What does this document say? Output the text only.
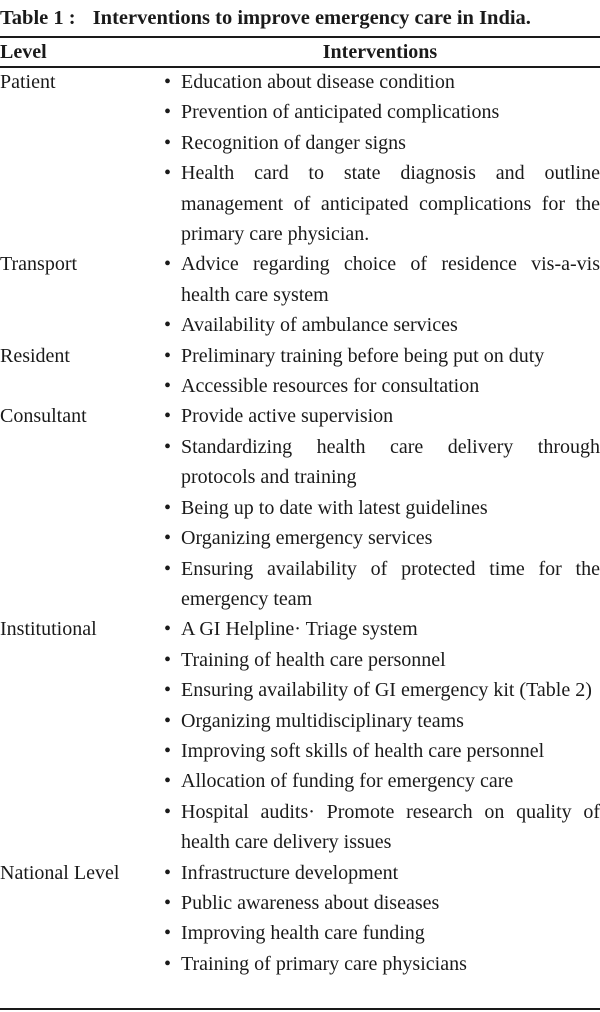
Table 1 : Interventions to improve emergency care in India.
Level	Interventions
Patient	• Education about disease condition
• Prevention of anticipated complications
• Recognition of danger signs
• Health card to state diagnosis and outline management of anticipated complications for the primary care physician.
Transport	• Advice regarding choice of residence vis-a-vis health care system
• Availability of ambulance services
Resident	• Preliminary training before being put on duty
• Accessible resources for consultation
Consultant	• Provide active supervision
• Standardizing health care delivery through protocols and training
• Being up to date with latest guidelines
• Organizing emergency services
• Ensuring availability of protected time for the emergency team
Institutional	• A GI Helpline· Triage system
• Training of health care personnel
• Ensuring availability of GI emergency kit (Table 2)
• Organizing multidisciplinary teams
• Improving soft skills of health care personnel
• Allocation of funding for emergency care
• Hospital audits· Promote research on quality of health care delivery issues
National Level	• Infrastructure development
• Public awareness about diseases
• Improving health care funding
• Training of primary care physicians
